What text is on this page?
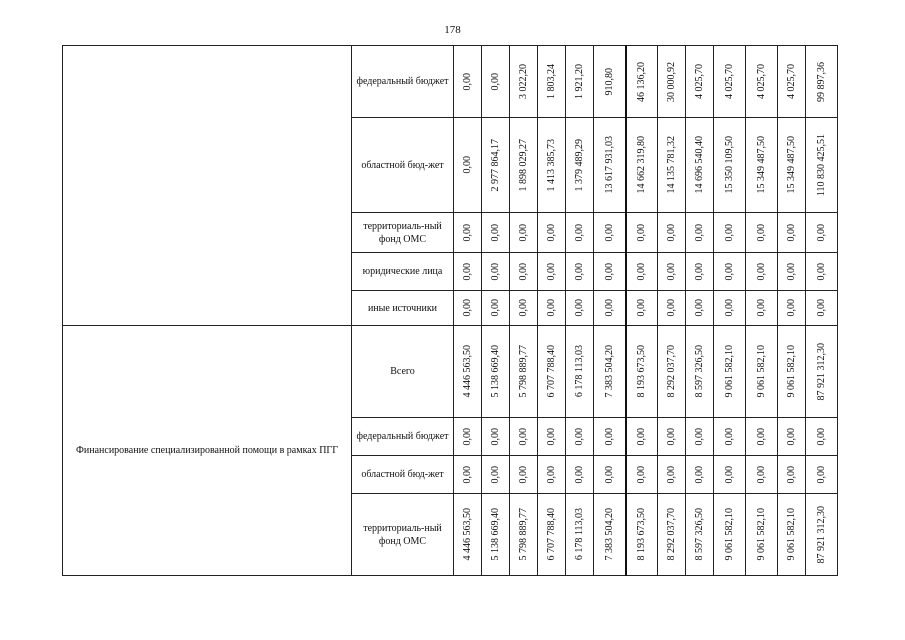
178
	федеральный бюджет	0,00	0,00	3 022,20	1 803,24	1 921,20	910,80	46 136,20	30 000,92	4 025,70	4 025,70	4 025,70	4 025,70	99 897,36

	областной бюд-жет	0,00	2 977 864,17	1 898 029,27	1 413 385,73	1 379 489,29	13 617 931,03	14 662 319,80	14 135 781,32	14 696 540,40	15 350 109,50	15 349 487,50	15 349 487,50	110 830 425,51

	территориаль-ный фонд ОМС	0,00	0,00	0,00	0,00	0,00	0,00	0,00	0,00	0,00	0,00	0,00	0,00	0,00

	юридические лица	0,00	0,00	0,00	0,00	0,00	0,00	0,00	0,00	0,00	0,00	0,00	0,00	0,00

	иные источники	0,00	0,00	0,00	0,00	0,00	0,00	0,00	0,00	0,00	0,00	0,00	0,00	0,00

Финансирование специализированной помощи в рамках ПГГ	Всего	4 446 563,50	5 138 669,40	5 798 889,77	6 707 788,40	6 178 113,03	7 383 504,20	8 193 673,50	8 292 037,70	8 597 326,50	9 061 582,10	9 061 582,10	9 061 582,10	87 921 312,30

	федеральный бюджет	0,00	0,00	0,00	0,00	0,00	0,00	0,00	0,00	0,00	0,00	0,00	0,00	0,00

	областной бюд-жет	0,00	0,00	0,00	0,00	0,00	0,00	0,00	0,00	0,00	0,00	0,00	0,00	0,00

	территориаль-ный фонд ОМС	4 446 563,50	5 138 669,40	5 798 889,77	6 707 788,40	6 178 113,03	7 383 504,20	8 193 673,50	8 292 037,70	8 597 326,50	9 061 582,10	9 061 582,10	9 061 582,10	87 921 312,30
